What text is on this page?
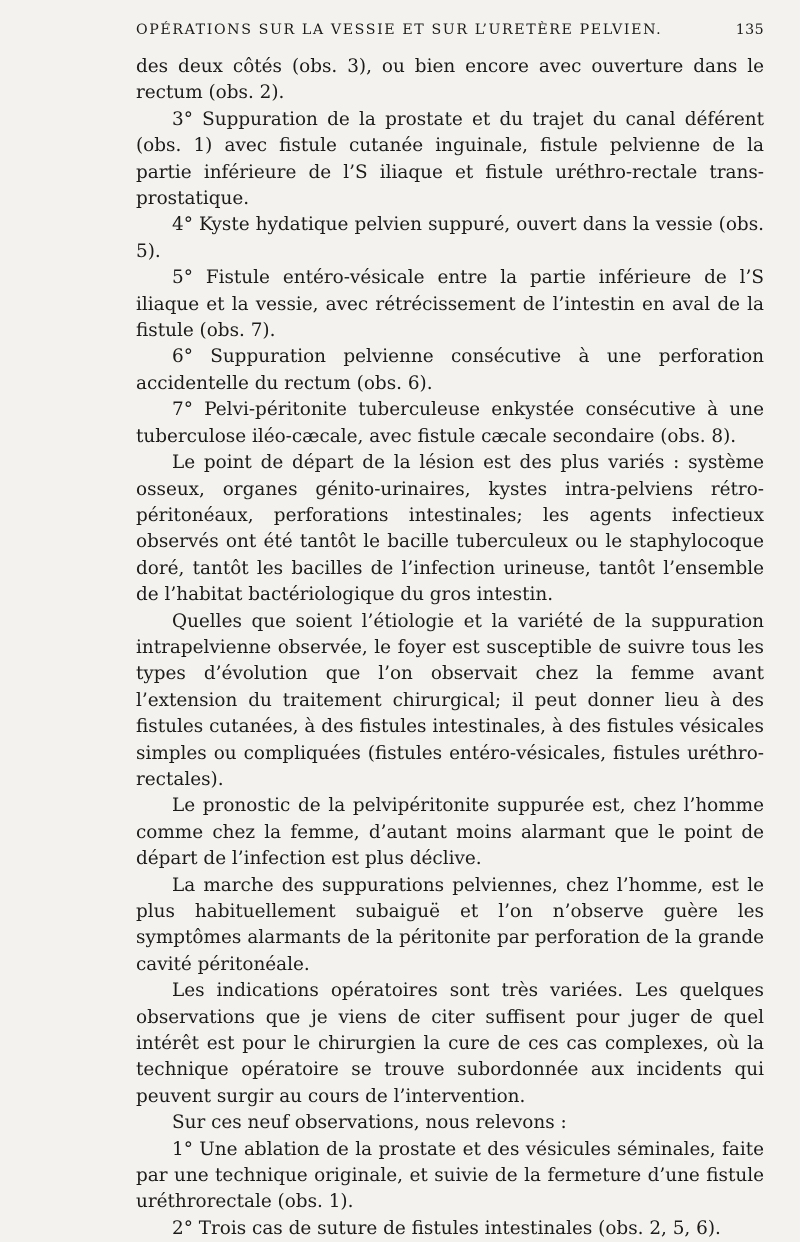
OPÉRATIONS SUR LA VESSIE ET SUR L’URETÈRE PELVIEN.	135

des deux côtés (obs. 3), ou bien encore avec ouverture dans le rectum (obs. 2).

3° Suppuration de la prostate et du trajet du canal déférent (obs. 1) avec fistule cutanée inguinale, fistule pelvienne de la partie inférieure de l’S iliaque et fistule uréthro-rectale trans-prostatique.

4° Kyste hydatique pelvien suppuré, ouvert dans la vessie (obs. 5).

5° Fistule entéro-vésicale entre la partie inférieure de l’S iliaque et la vessie, avec rétrécissement de l’intestin en aval de la fistule (obs. 7).

6° Suppuration pelvienne consécutive à une perforation accidentelle du rectum (obs. 6).

7° Pelvi-péritonite tuberculeuse enkystée consécutive à une tuberculose iléo-cæcale, avec fistule cæcale secondaire (obs. 8).

Le point de départ de la lésion est des plus variés : système osseux, organes génito-urinaires, kystes intra-pelviens rétro-péritonéaux, perforations intestinales; les agents infectieux observés ont été tantôt le bacille tuberculeux ou le staphylocoque doré, tantôt les bacilles de l’infection urineuse, tantôt l’ensemble de l’habitat bactériologique du gros intestin.

Quelles que soient l’étiologie et la variété de la suppuration intrapelvienne observée, le foyer est susceptible de suivre tous les types d’évolution que l’on observait chez la femme avant l’extension du traitement chirurgical; il peut donner lieu à des fistules cutanées, à des fistules intestinales, à des fistules vésicales simples ou compliquées (fistules entéro-vésicales, fistules uréthro-rectales).

Le pronostic de la pelvipéritonite suppurée est, chez l’homme comme chez la femme, d’autant moins alarmant que le point de départ de l’infection est plus déclive.

La marche des suppurations pelviennes, chez l’homme, est le plus habituellement subaiguë et l’on n’observe guère les symptômes alarmants de la péritonite par perforation de la grande cavité péritonéale.

Les indications opératoires sont très variées. Les quelques observations que je viens de citer suffisent pour juger de quel intérêt est pour le chirurgien la cure de ces cas complexes, où la technique opératoire se trouve subordonnée aux incidents qui peuvent surgir au cours de l’intervention.

Sur ces neuf observations, nous relevons :

1° Une ablation de la prostate et des vésicules séminales, faite par une technique originale, et suivie de la fermeture d’une fistule uréthrorectale (obs. 1).

2° Trois cas de suture de fistules intestinales (obs. 2, 5, 6).
